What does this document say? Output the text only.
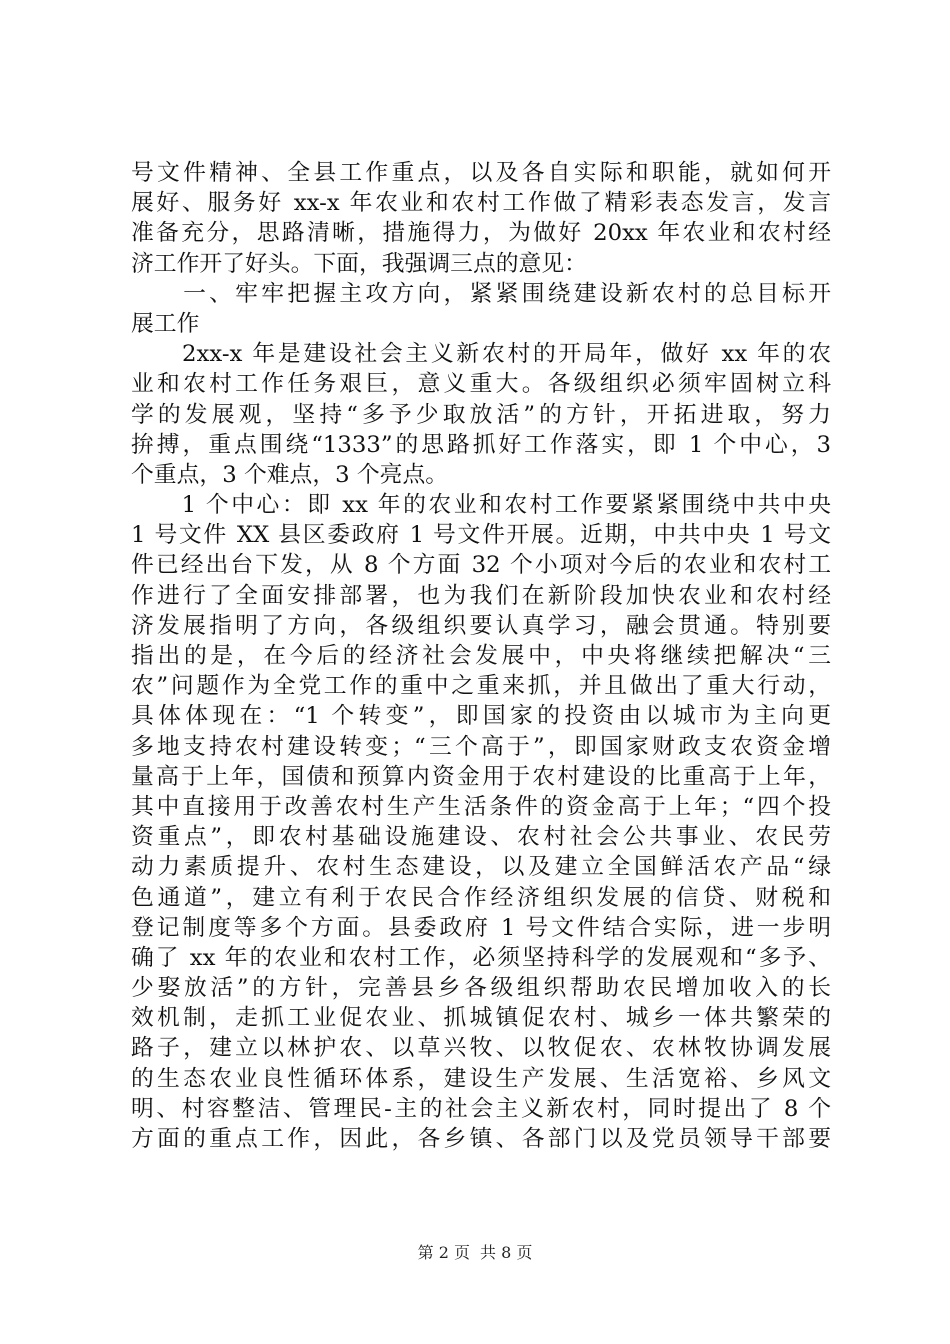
号文件精神、全县工作重点，以及各自实际和职能，就如何开
展好、服务好 xx-x 年农业和农村工作做了精彩表态发言，发言
准备充分，思路清晰，措施得力，为做好 20xx 年农业和农村经
济工作开了好头。下面，我强调三点的意见：
　　一、牢牢把握主攻方向，紧紧围绕建设新农村的总目标开
展工作
　　2xx-x 年是建设社会主义新农村的开局年，做好 xx 年的农
业和农村工作任务艰巨，意义重大。各级组织必须牢固树立科
学的发展观，坚持“多予少取放活”的方针，开拓进取，努力
拚搏，重点围绕“1333”的思路抓好工作落实，即 1 个中心，3
个重点，3 个难点，3 个亮点。
　　1 个中心：即 xx 年的农业和农村工作要紧紧围绕中共中央
1 号文件 XX 县区委政府 1 号文件开展。近期，中共中央 1 号文
件已经出台下发，从 8 个方面 32 个小项对今后的农业和农村工
作进行了全面安排部署，也为我们在新阶段加快农业和农村经
济发展指明了方向，各级组织要认真学习，融会贯通。特别要
指出的是，在今后的经济社会发展中，中央将继续把解决“三
农”问题作为全党工作的重中之重来抓，并且做出了重大行动，
具体体现在：“1 个转变”，即国家的投资由以城市为主向更
多地支持农村建设转变；“三个高于”，即国家财政支农资金增
量高于上年，国债和预算内资金用于农村建设的比重高于上年，
其中直接用于改善农村生产生活条件的资金高于上年；“四个投
资重点”，即农村基础设施建设、农村社会公共事业、农民劳
动力素质提升、农村生态建设，以及建立全国鲜活农产品“绿
色通道”，建立有利于农民合作经济组织发展的信贷、财税和
登记制度等多个方面。县委政府 1 号文件结合实际，进一步明
确了 xx 年的农业和农村工作，必须坚持科学的发展观和“多予、
少娶放活”的方针，完善县乡各级组织帮助农民增加收入的长
效机制，走抓工业促农业、抓城镇促农村、城乡一体共繁荣的
路子，建立以林护农、以草兴牧、以牧促农、农林牧协调发展
的生态农业良性循环体系，建设生产发展、生活宽裕、乡风文
明、村容整洁、管理民-主的社会主义新农村，同时提出了 8 个
方面的重点工作，因此，各乡镇、各部门以及党员领导干部要
第 2 页 共 8 页
